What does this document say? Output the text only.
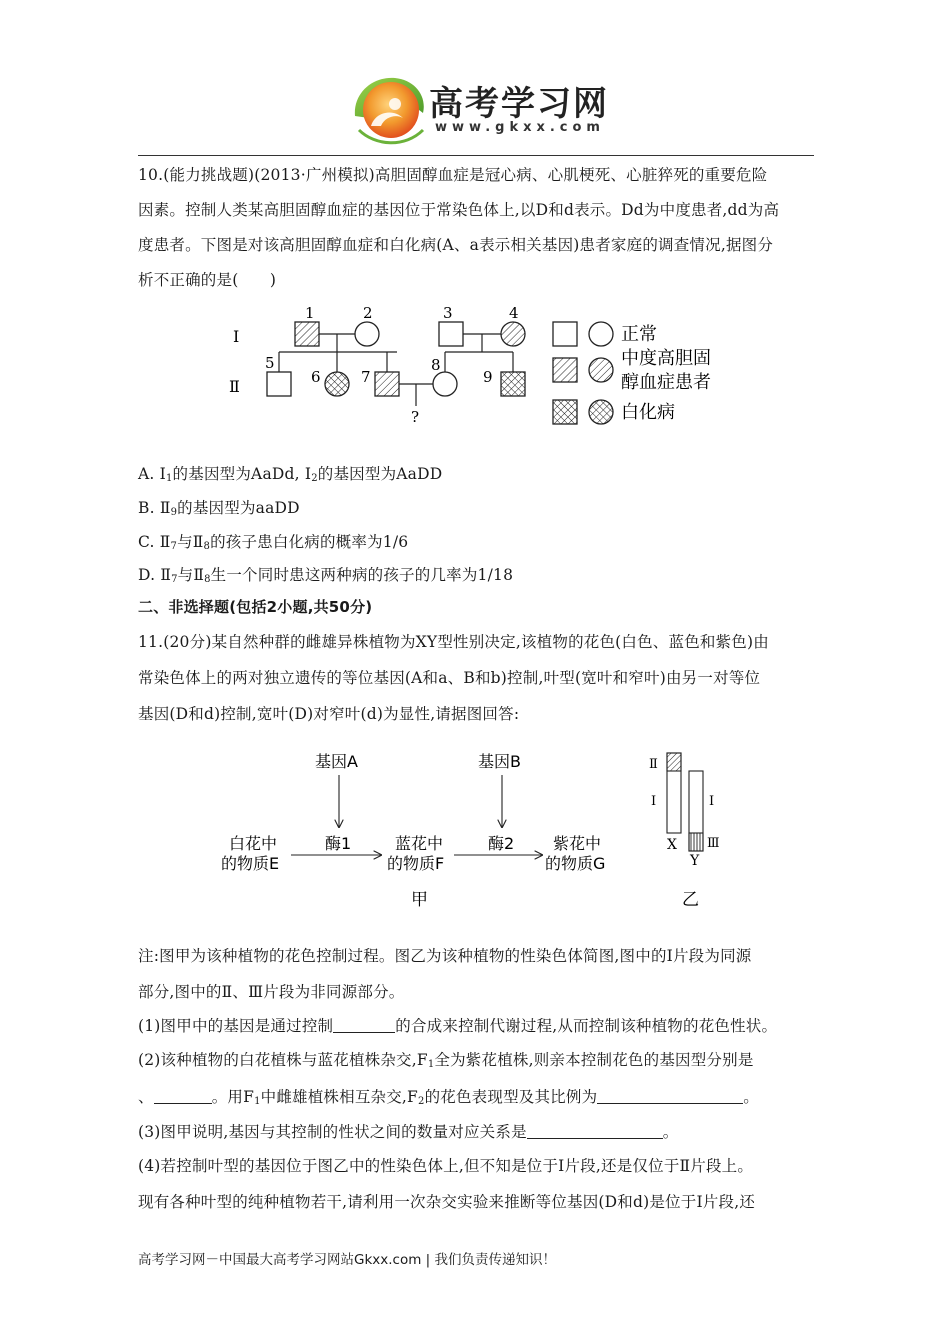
高考学习网
www.gkxx.com
10.(能力挑战题)(2013·广州模拟)高胆固醇血症是冠心病、心肌梗死、心脏猝死的重要危险
因素。控制人类某高胆固醇血症的基因位于常染色体上,以D和d表示。Dd为中度患者,dd为高
度患者。下图是对该高胆固醇血症和白化病(A、a表示相关基因)患者家庭的调查情况,据图分
析不正确的是(　　)
Ⅰ
Ⅱ
1	2	3	4
5
6	7
8
9
?
正常
中度高胆固
醇血症患者
白化病
A. $Ⅰ_1$的基因型为AaDd, $Ⅰ_2$的基因型为AaDD
B. $Ⅱ_9$的基因型为aaDD
C. $Ⅱ_7$与$Ⅱ_8$的孩子患白化病的概率为1/6
D. $Ⅱ_7$与$Ⅱ_8$生一个同时患这两种病的孩子的几率为1/18
二、非选择题(包括2小题,共50分)
11.(20分)某自然种群的雌雄异株植物为XY型性别决定,该植物的花色(白色、蓝色和紫色)由
常染色体上的两对独立遗传的等位基因(A和a、B和b)控制,叶型(宽叶和窄叶)由另一对等位
基因(D和d)控制,宽叶(D)对窄叶(d)为显性,请据图回答:
基因A	基因B
酶1	酶2
白花中
的物质E
蓝花中
的物质F
紫花中
的物质G
甲
Ⅱ
Ⅰ	Ⅰ
Ⅲ
X
Y
乙
注:图甲为该种植物的花色控制过程。图乙为该种植物的性染色体简图,图中的Ⅰ片段为同源
部分,图中的Ⅱ、Ⅲ片段为非同源部分。
(1)图甲中的基因是通过控制	的合成来控制代谢过程,从而控制该种植物的花色性状。
(2)该种植物的白花植株与蓝花植株杂交$,F_1$全为紫花植株,则亲本控制花色的基因型分别是
、	。用$F_1$中雌雄植株相互杂交$,F_2$的花色表现型及其比例为	。
(3)图甲说明,基因与其控制的性状之间的数量对应关系是	。
(4)若控制叶型的基因位于图乙中的性染色体上,但不知是位于Ⅰ片段,还是仅位于Ⅱ片段上。
现有各种叶型的纯种植物若干,请利用一次杂交实验来推断等位基因(D和d)是位于Ⅰ片段,还
高考学习网－中国最大高考学习网站Gkxx.com | 我们负责传递知识！
